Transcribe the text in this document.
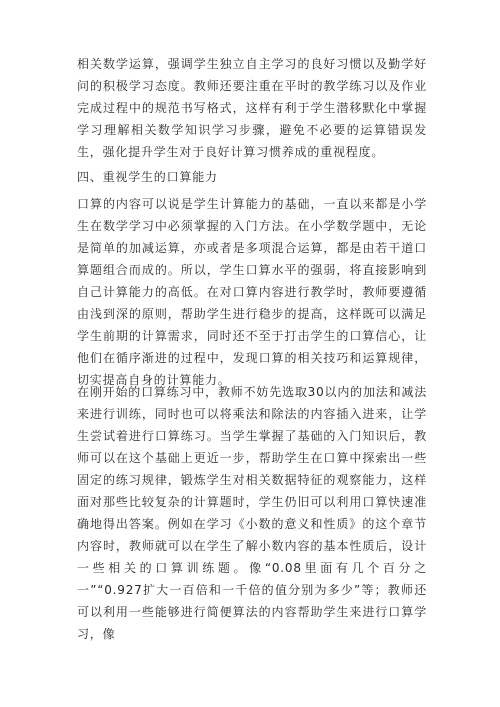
相关数学运算，强调学生独立自主学习的良好习惯以及勤学好问的积极学习态度。教师还要注重在平时的教学练习以及作业完成过程中的规范书写格式，这样有利于学生潜移默化中掌握学习理解相关数学知识学习步骤，避免不必要的运算错误发生，强化提升学生对于良好计算习惯养成的重视程度。

四、重视学生的口算能力

口算的内容可以说是学生计算能力的基础，一直以来都是小学生在数学学习中必须掌握的入门方法。在小学数学题中，无论是简单的加减运算，亦或者是多项混合运算，都是由若干道口算题组合而成的。所以，学生口算水平的强弱，将直接影响到自己计算能力的高低。在对口算内容进行教学时，教师要遵循由浅到深的原则，帮助学生进行稳步的提高，这样既可以满足学生前期的计算需求，同时还不至于打击学生的口算信心，让他们在循序渐进的过程中，发现口算的相关技巧和运算规律，切实提高自身的计算能力。

在刚开始的口算练习中，教师不妨先选取30以内的加法和减法来进行训练，同时也可以将乘法和除法的内容插入进来，让学生尝试着进行口算练习。当学生掌握了基础的入门知识后，教师可以在这个基础上更近一步，帮助学生在口算中探索出一些固定的练习规律，锻炼学生对相关数据特征的观察能力，这样面对那些比较复杂的计算题时，学生仍旧可以利用口算快速准确地得出答案。例如在学习《小数的意义和性质》的这个章节内容时，教师就可以在学生了解小数内容的基本性质后，设计一些相关的口算训练题。像“0.08里面有几个百分之一”“0.927扩大一百倍和一千倍的值分别为多少”等；教师还可以利用一些能够进行简便算法的内容帮助学生来进行口算学习，像
